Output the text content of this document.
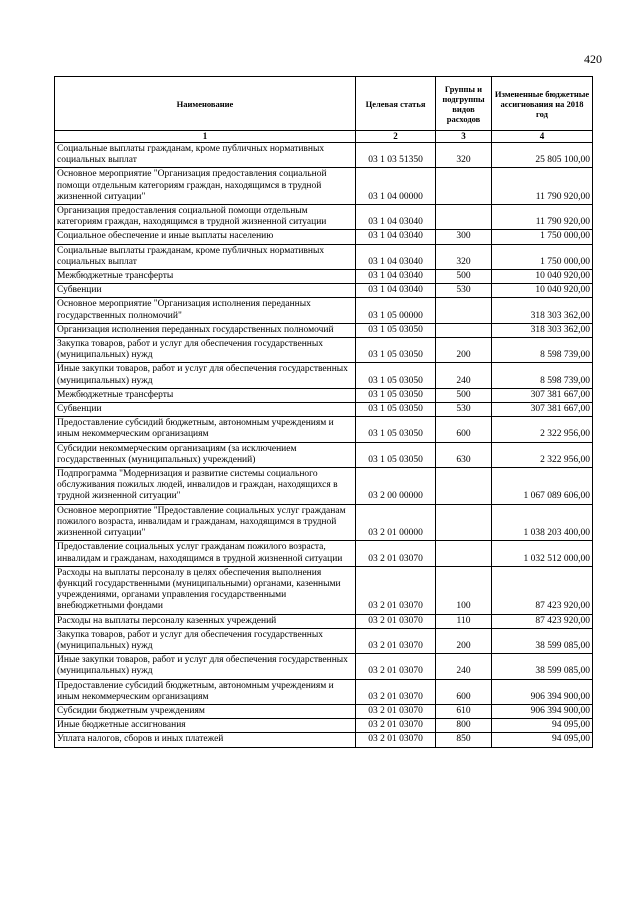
420
Наименование	Целевая статья	Группы и подгруппы видов расходов	Измененные бюджетные ассигнования на 2018 год
1	2	3	4
Социальные выплаты гражданам, кроме публичных нормативных социальных выплат	03 1 03 51350	320	25 805 100,00
Основное мероприятие "Организация предоставления социальной помощи отдельным категориям граждан, находящимся в трудной жизненной ситуации"	03 1 04 00000		11 790 920,00
Организация предоставления социальной помощи отдельным категориям граждан, находящимся в трудной жизненной ситуации	03 1 04 03040		11 790 920,00
Социальное обеспечение и иные выплаты населению	03 1 04 03040	300	1 750 000,00
Социальные выплаты гражданам, кроме публичных нормативных социальных выплат	03 1 04 03040	320	1 750 000,00
Межбюджетные трансферты	03 1 04 03040	500	10 040 920,00
Субвенции	03 1 04 03040	530	10 040 920,00
Основное мероприятие "Организация исполнения переданных государственных полномочий"	03 1 05 00000		318 303 362,00
Организация исполнения переданных государственных полномочий	03 1 05 03050		318 303 362,00
Закупка товаров, работ и услуг для обеспечения государственных (муниципальных) нужд	03 1 05 03050	200	8 598 739,00
Иные закупки товаров, работ и услуг для обеспечения государственных (муниципальных) нужд	03 1 05 03050	240	8 598 739,00
Межбюджетные трансферты	03 1 05 03050	500	307 381 667,00
Субвенции	03 1 05 03050	530	307 381 667,00
Предоставление субсидий бюджетным, автономным учреждениям и иным некоммерческим организациям	03 1 05 03050	600	2 322 956,00
Субсидии некоммерческим организациям (за исключением государственных (муниципальных) учреждений)	03 1 05 03050	630	2 322 956,00
Подпрограмма "Модернизация и развитие системы социального обслуживания пожилых людей, инвалидов и граждан, находящихся в трудной жизненной ситуации"	03 2 00 00000		1 067 089 606,00
Основное мероприятие "Предоставление социальных услуг гражданам пожилого возраста, инвалидам и гражданам, находящимся в трудной жизненной ситуации"	03 2 01 00000		1 038 203 400,00
Предоставление социальных услуг гражданам пожилого возраста, инвалидам и гражданам, находящимся в трудной жизненной ситуации	03 2 01 03070		1 032 512 000,00
Расходы на выплаты персоналу в целях обеспечения выполнения функций государственными (муниципальными) органами, казенными учреждениями, органами управления государственными внебюджетными фондами	03 2 01 03070	100	87 423 920,00
Расходы на выплаты персоналу казенных учреждений	03 2 01 03070	110	87 423 920,00
Закупка товаров, работ и услуг для обеспечения государственных (муниципальных) нужд	03 2 01 03070	200	38 599 085,00
Иные закупки товаров, работ и услуг для обеспечения государственных (муниципальных) нужд	03 2 01 03070	240	38 599 085,00
Предоставление субсидий бюджетным, автономным учреждениям и иным некоммерческим организациям	03 2 01 03070	600	906 394 900,00
Субсидии бюджетным учреждениям	03 2 01 03070	610	906 394 900,00
Иные бюджетные ассигнования	03 2 01 03070	800	94 095,00
Уплата налогов, сборов и иных платежей	03 2 01 03070	850	94 095,00
